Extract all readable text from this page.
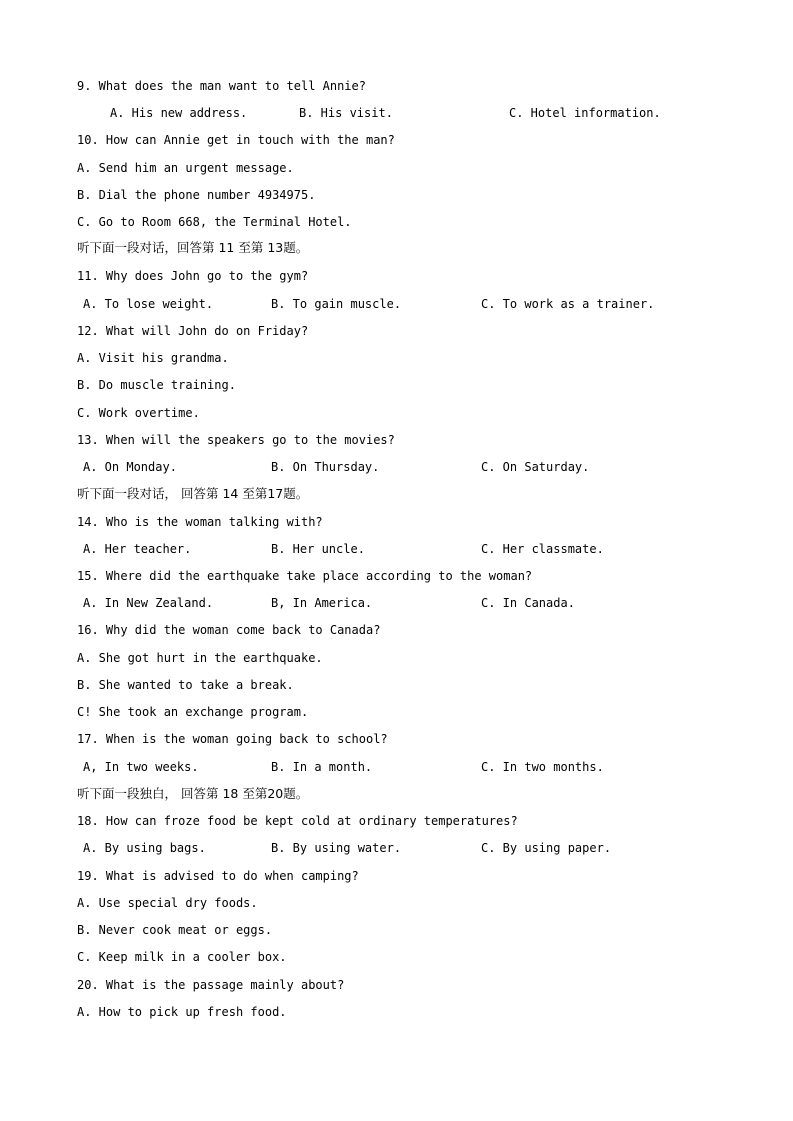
9. What does the man want to tell Annie?
A. His new address.	B. His visit.	C. Hotel information.
10. How can Annie get in touch with the man?
A. Send him an urgent message.
B. Dial the phone number 4934975.
C. Go to Room 668, the Terminal Hotel.
听下面一段对话，回答第 11 至第 13题。
11. Why does John go to the gym?
A. To lose weight.	B. To gain muscle.	C. To work as a trainer.
12. What will John do on Friday?
A. Visit his grandma.
B. Do muscle training.
C. Work overtime.
13. When will the speakers go to the movies?
A. On Monday.	B. On Thursday.	C. On Saturday.
听下面一段对话， 回答第 14 至第17题。
14. Who is the woman talking with?
A. Her teacher.	B. Her uncle.	C. Her classmate.
15. Where did the earthquake take place according to the woman?
A. In New Zealand.	B, In America.	C. In Canada.
16. Why did the woman come back to Canada?
A. She got hurt in the earthquake.
B. She wanted to take a break.
C! She took an exchange program.
17. When is the woman going back to school?
A, In two weeks.	B. In a month.	C. In two months.
听下面一段独白， 回答第 18 至第20题。
18. How can froze food be kept cold at ordinary temperatures?
A. By using bags.	B. By using water.	C. By using paper.
19. What is advised to do when camping?
A. Use special dry foods.
B. Never cook meat or eggs.
C. Keep milk in a cooler box.
20. What is the passage mainly about?
A. How to pick up fresh food.
